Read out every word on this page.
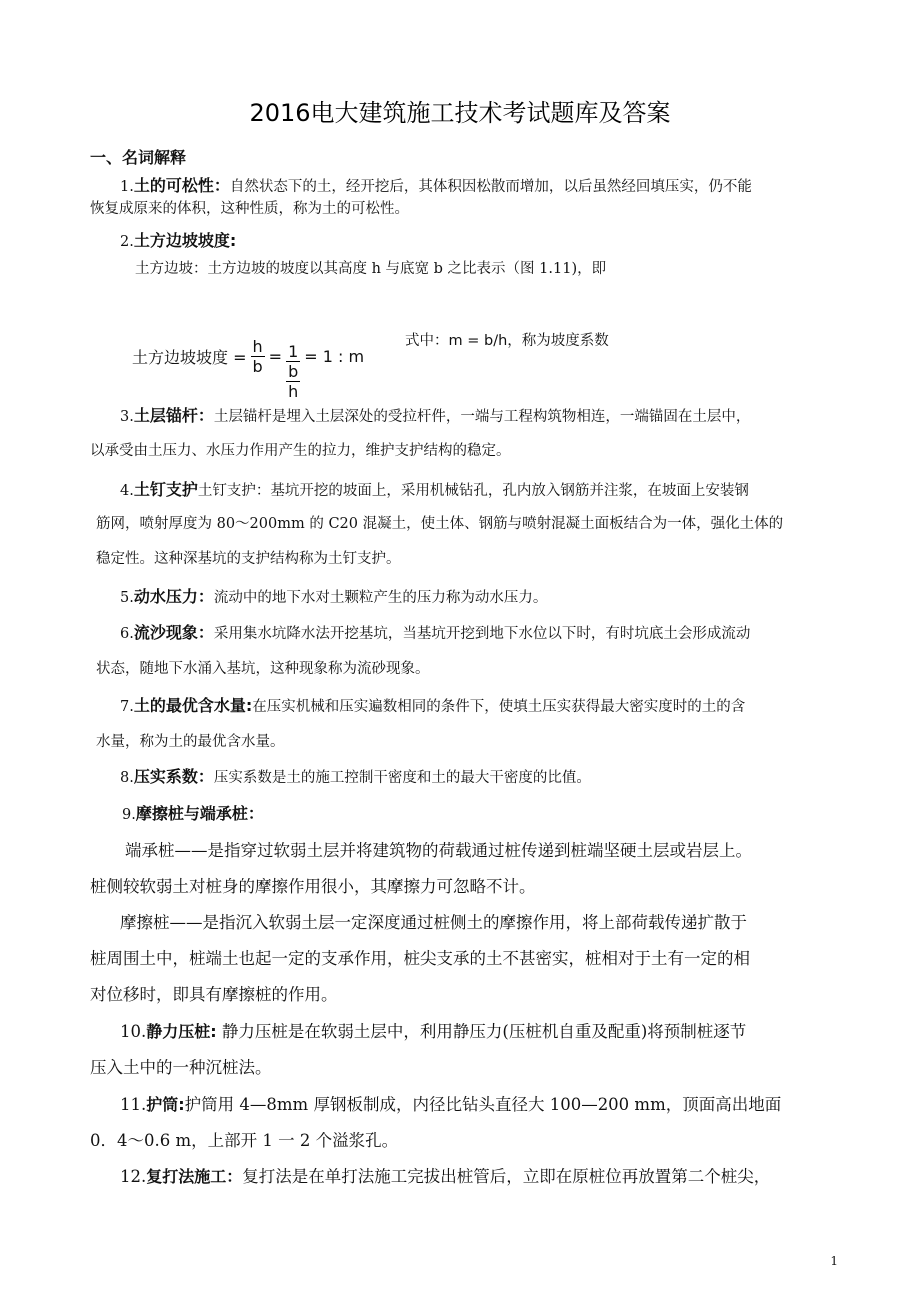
2016电大建筑施工技术考试题库及答案
一、名词解释
1.土的可松性：自然状态下的土，经开挖后，其体积因松散而增加，以后虽然经回填压实，仍不能
恢复成原来的体积，这种性质，称为土的可松性。
2.土方边坡坡度:
土方边坡：土方边坡的坡度以其高度 h 与底宽 b 之比表示（图 1.11)，即
土方边坡坡度 = $\frac{h}{b} = 1$
b
h
= 1 : m
式中：m = b/h，称为坡度系数
3.土层锚杆：土层锚杆是埋入土层深处的受拉杆件，一端与工程构筑物相连，一端锚固在土层中，
以承受由土压力、水压力作用产生的拉力，维护支护结构的稳定。
4.土钉支护土钉支护：基坑开挖的坡面上，采用机械钻孔，孔内放入钢筋并注浆，在坡面上安装钢
筋网，喷射厚度为 80～200mm 的 C20 混凝土，使土体、钢筋与喷射混凝土面板结合为一体，强化土体的
稳定性。这种深基坑的支护结构称为土钉支护。
5.动水压力：流动中的地下水对土颗粒产生的压力称为动水压力。
6.流沙现象：采用集水坑降水法开挖基坑，当基坑开挖到地下水位以下时，有时坑底土会形成流动
状态，随地下水涌入基坑，这种现象称为流砂现象。
7.土的最优含水量:在压实机械和压实遍数相同的条件下，使填土压实获得最大密实度时的土的含
水量，称为土的最优含水量。
8.压实系数：压实系数是土的施工控制干密度和土的最大干密度的比值。
9.摩擦桩与端承桩：
端承桩——是指穿过软弱土层并将建筑物的荷载通过桩传递到桩端坚硬土层或岩层上。
桩侧较软弱土对桩身的摩擦作用很小，其摩擦力可忽略不计。
摩擦桩——是指沉入软弱土层一定深度通过桩侧土的摩擦作用，将上部荷载传递扩散于
桩周围土中，桩端土也起一定的支承作用，桩尖支承的土不甚密实，桩相对于土有一定的相
对位移时，即具有摩擦桩的作用。
10.静力压桩: 静力压桩是在软弱土层中，利用静压力(压桩机自重及配重)将预制桩逐节
压入土中的一种沉桩法。
11.护筒:护筒用 4—8mm 厚钢板制成，内径比钻头直径大 100—200 mm，顶面高出地面
0．4～0.6 m，上部开 1 一 2 个溢浆孔。
12.复打法施工：复打法是在单打法施工完拔出桩管后，立即在原桩位再放置第二个桩尖，
1
